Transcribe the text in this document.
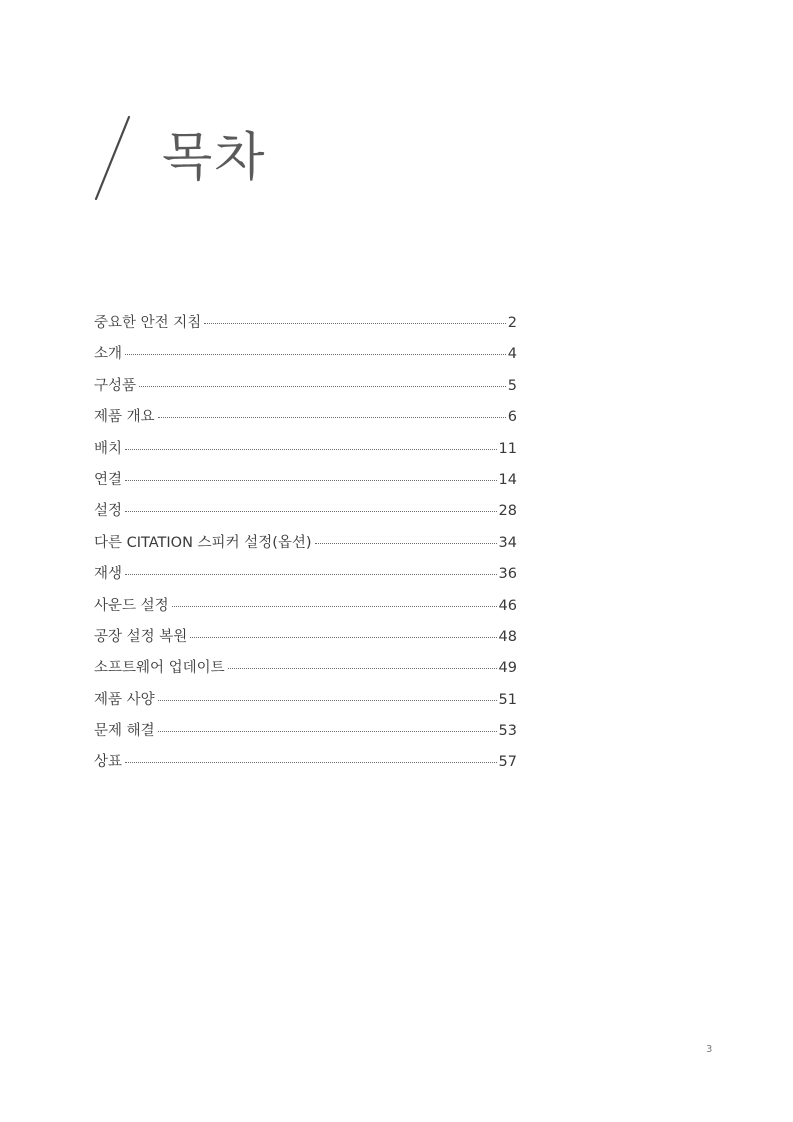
목차
중요한 안전 지침	2
소개	4
구성품	5
제품 개요	6
배치	11
연결	14
설정	28
다른 CITATION 스피커 설정(옵션)	34
재생	36
사운드 설정	46
공장 설정 복원	48
소프트웨어 업데이트	49
제품 사양	51
문제 해결	53
상표	57
3
